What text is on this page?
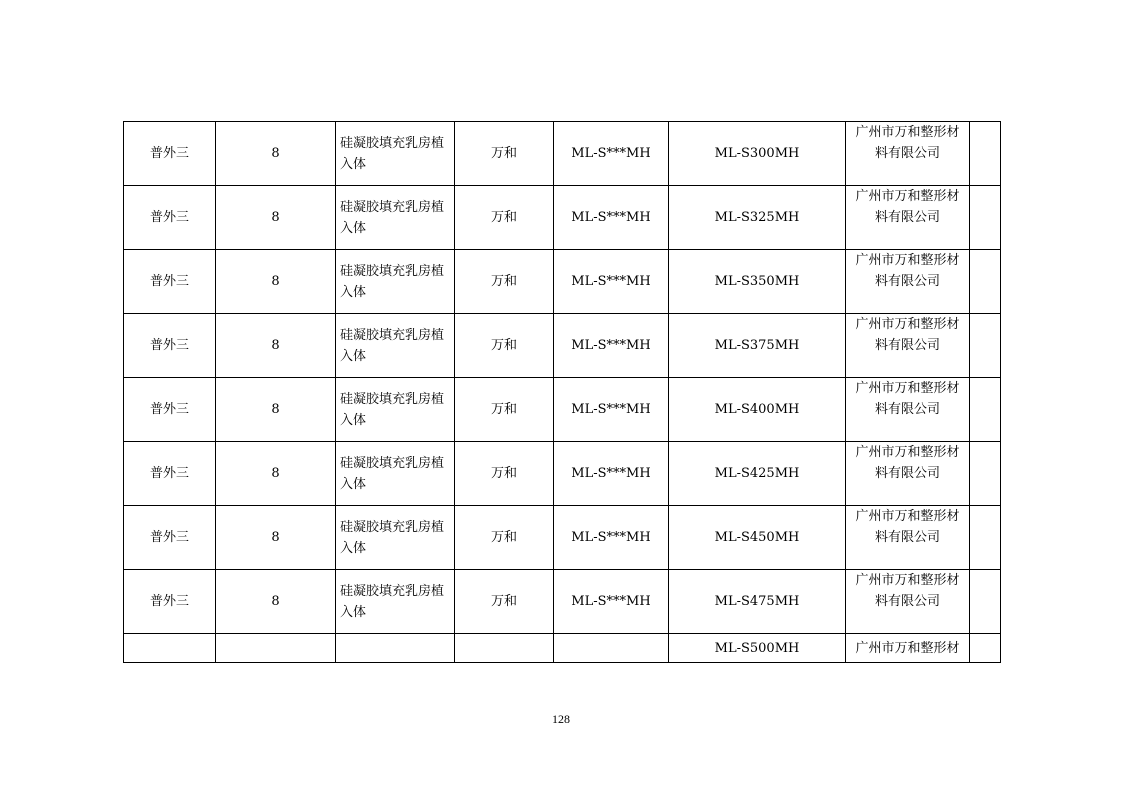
普外三	8	硅凝胶填充乳房植
入体	万和	ML-S***MH	ML-S300MH	广州市万和整形材
料有限公司	

普外三	8	硅凝胶填充乳房植
入体	万和	ML-S***MH	ML-S325MH	广州市万和整形材
料有限公司	

普外三	8	硅凝胶填充乳房植
入体	万和	ML-S***MH	ML-S350MH	广州市万和整形材
料有限公司	

普外三	8	硅凝胶填充乳房植
入体	万和	ML-S***MH	ML-S375MH	广州市万和整形材
料有限公司	

普外三	8	硅凝胶填充乳房植
入体	万和	ML-S***MH	ML-S400MH	广州市万和整形材
料有限公司	

普外三	8	硅凝胶填充乳房植
入体	万和	ML-S***MH	ML-S425MH	广州市万和整形材
料有限公司	

普外三	8	硅凝胶填充乳房植
入体	万和	ML-S***MH	ML-S450MH	广州市万和整形材
料有限公司	

普外三	8	硅凝胶填充乳房植
入体	万和	ML-S***MH	ML-S475MH	广州市万和整形材
料有限公司	

					ML-S500MH	广州市万和整形材	
128
